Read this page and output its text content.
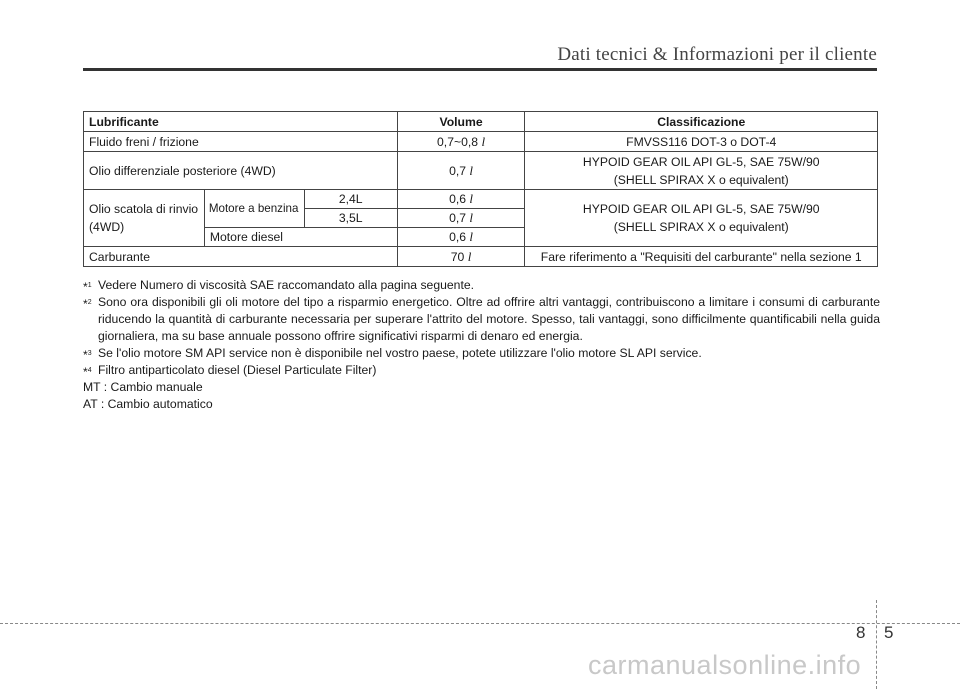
Dati tecnici & Informazioni per il cliente
Lubrificante			Volume	Classificazione
Fluido freni / frizione			0,7~0,8 l	FMVSS116 DOT-3 o DOT-4
Olio differenziale posteriore (4WD)			0,7 l	HYPOID GEAR OIL API GL-5, SAE 75W/90
(SHELL SPIRAX X o equivalent)

Olio scatola di rinvio
(4WD)	Motore a benzina	2,4L	0,6 l	HYPOID GEAR OIL API GL-5, SAE 75W/90
(SHELL SPIRAX X o equivalent)

		3,5L	0,7 l	
	Motore diesel		0,6 l	
Carburante			70 l	Fare riferimento a "Requisiti del carburante" nella sezione 1
*$^1$ Vedere Numero di viscosità SAE raccomandato alla pagina seguente.
*$^2$ Sono ora disponibili gli oli motore del tipo a risparmio energetico. Oltre ad offrire altri vantaggi, contribuiscono a limitare i consumi di carburante riducendo la quantità di carburante necessaria per superare l'attrito del motore. Spesso, tali vantaggi, sono difficilmente quantificabili nella guida giornaliera, ma su base annuale possono offrire significativi risparmi di denaro ed energia.
*$^3$ Se l'olio motore SM API service non è disponibile nel vostro paese, potete utilizzare l'olio motore SL API service.
*$^4$ Filtro antiparticolato diesel (Diesel Particulate Filter)
MT : Cambio manuale
AT : Cambio automatico
8 5
carmanualsonline.info
